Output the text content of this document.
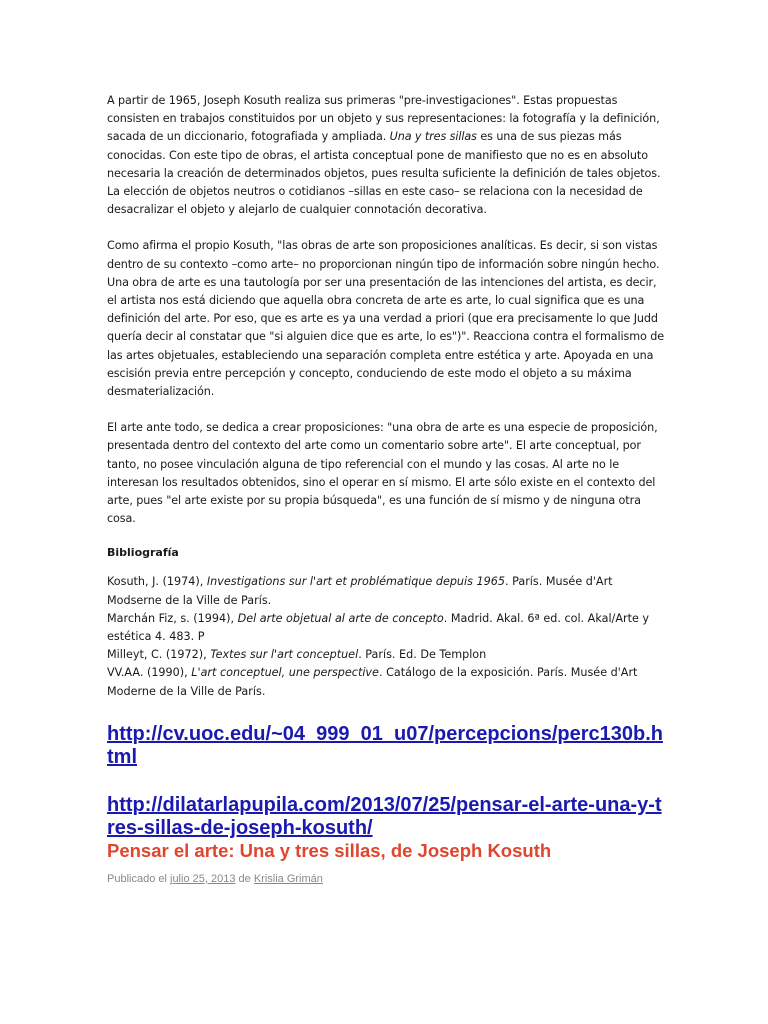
A partir de 1965, Joseph Kosuth realiza sus primeras "pre-investigaciones". Estas propuestas consisten en trabajos constituidos por un objeto y sus representaciones: la fotografía y la definición, sacada de un diccionario, fotografiada y ampliada. Una y tres sillas es una de sus piezas más conocidas. Con este tipo de obras, el artista conceptual pone de manifiesto que no es en absoluto necesaria la creación de determinados objetos, pues resulta suficiente la definición de tales objetos. La elección de objetos neutros o cotidianos –sillas en este caso– se relaciona con la necesidad de desacralizar el objeto y alejarlo de cualquier connotación decorativa.

Como afirma el propio Kosuth, "las obras de arte son proposiciones analíticas. Es decir, si son vistas dentro de su contexto –como arte– no proporcionan ningún tipo de información sobre ningún hecho. Una obra de arte es una tautología por ser una presentación de las intenciones del artista, es decir, el artista nos está diciendo que aquella obra concreta de arte es arte, lo cual significa que es una definición del arte. Por eso, que es arte es ya una verdad a priori (que era precisamente lo que Judd quería decir al constatar que "si alguien dice que es arte, lo es")". Reacciona contra el formalismo de las artes objetuales, estableciendo una separación completa entre estética y arte. Apoyada en una escisión previa entre percepción y concepto, conduciendo de este modo el objeto a su máxima desmaterialización.

El arte ante todo, se dedica a crear proposiciones: "una obra de arte es una especie de proposición, presentada dentro del contexto del arte como un comentario sobre arte". El arte conceptual, por tanto, no posee vinculación alguna de tipo referencial con el mundo y las cosas. Al arte no le interesan los resultados obtenidos, sino el operar en sí mismo. El arte sólo existe en el contexto del arte, pues "el arte existe por su propia búsqueda", es una función de sí mismo y de ninguna otra cosa.

Bibliografía

Kosuth, J. (1974), Investigations sur l'art et problématique depuis 1965. París. Musée d'Art Modserne de la Ville de París.

Marchán Fiz, s. (1994), Del arte objetual al arte de concepto. Madrid. Akal. 6ª ed. col. Akal/Arte y estética 4. 483. P

Milleyt, C. (1972), Textes sur l'art conceptuel. París. Ed. De Templon

VV.AA. (1990), L'art conceptuel, une perspective. Catálogo de la exposición. París. Musée d'Art Moderne de la Ville de París.

http://cv.uoc.edu/~04_999_01_u07/percepcions/perc130b.html
http://dilatarlapupila.com/2013/07/25/pensar-el-arte-una-y-tres-sillas-de-joseph-kosuth/
Pensar el arte: Una y tres sillas, de Joseph Kosuth
Publicado el julio 25, 2013 de Kris​lia Grimán
